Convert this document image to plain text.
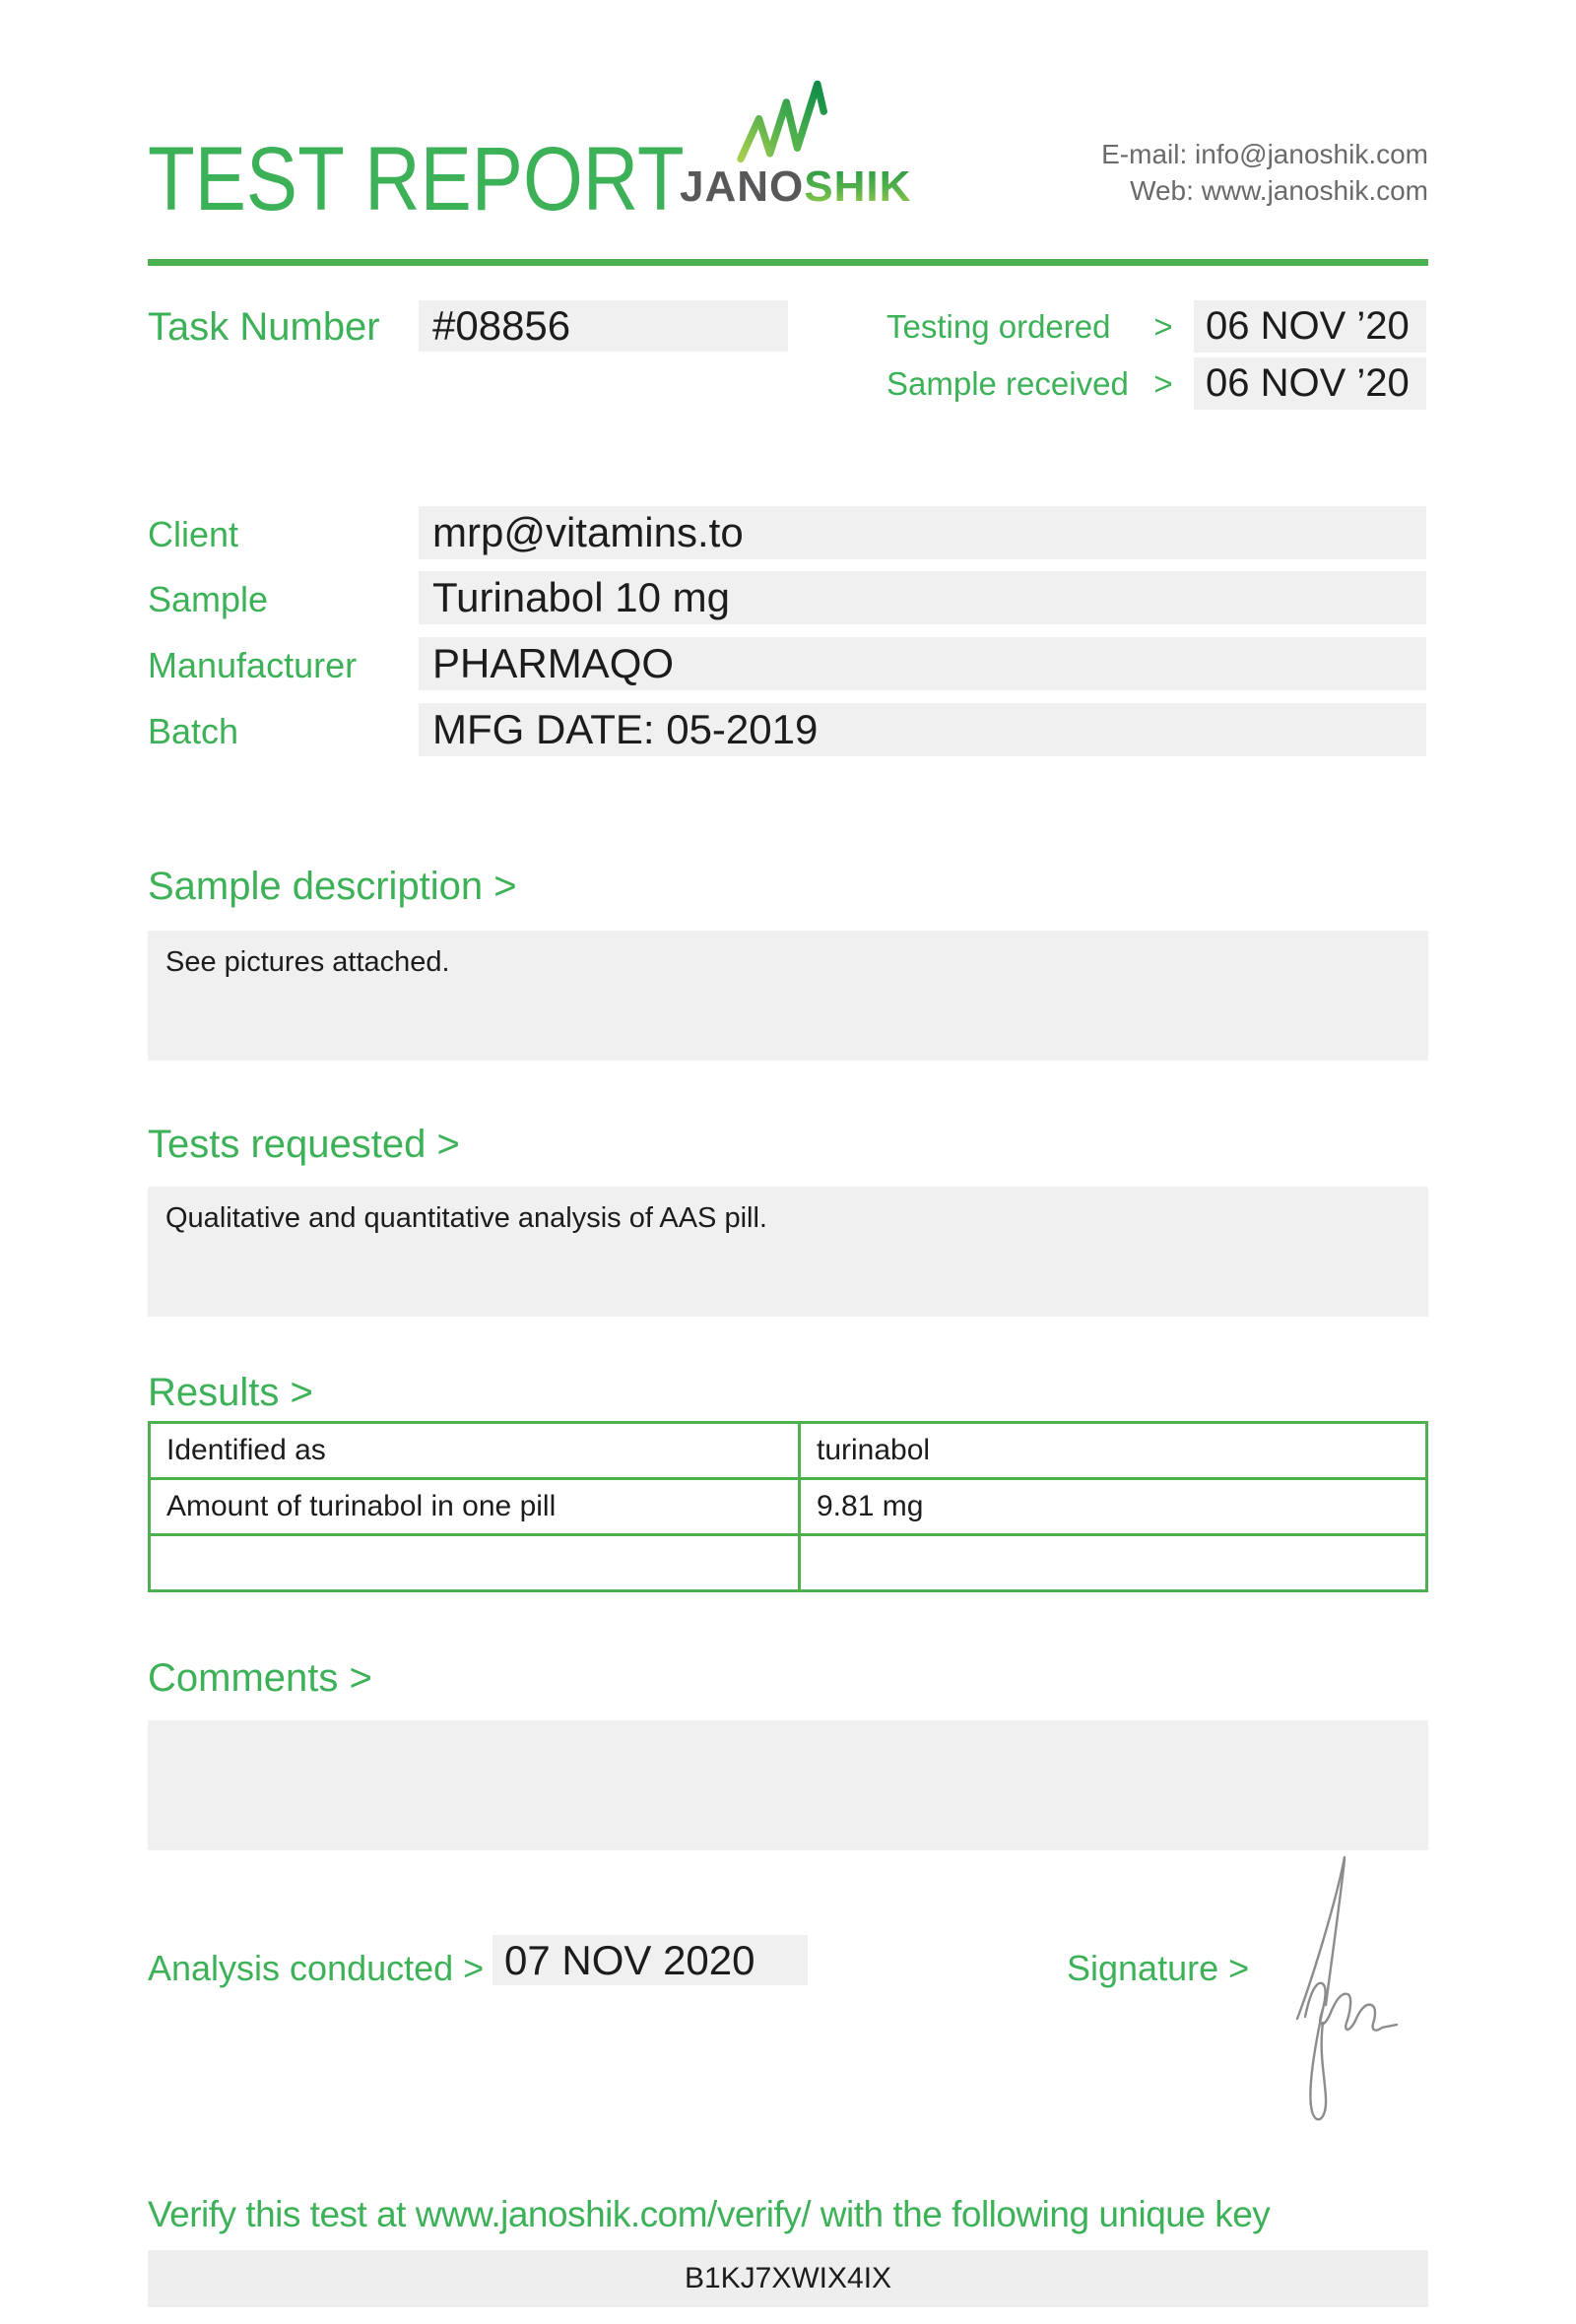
TEST REPORT
JANOSHIK
E-mail: info@janoshik.com
Web: www.janoshik.com
Task Number	#08856	Testing ordered	> 06 NOV ’20
Sample received > 06 NOV ’20
Client	mrp@vitamins.to
Sample	Turinabol 10 mg
Manufacturer	PHARMAQO
Batch	MFG DATE: 05-2019
Sample description >
See pictures attached.
Tests requested >
Qualitative and quantitative analysis of AAS pill.
Results >
Identified as	turinabol
Amount of turinabol in one pill	9.81 mg
Comments >
Analysis conducted > 07 NOV 2020	Signature >
Verify this test at www.janoshik.com/verify/ with the following unique key
B1KJ7XWIX4IX
